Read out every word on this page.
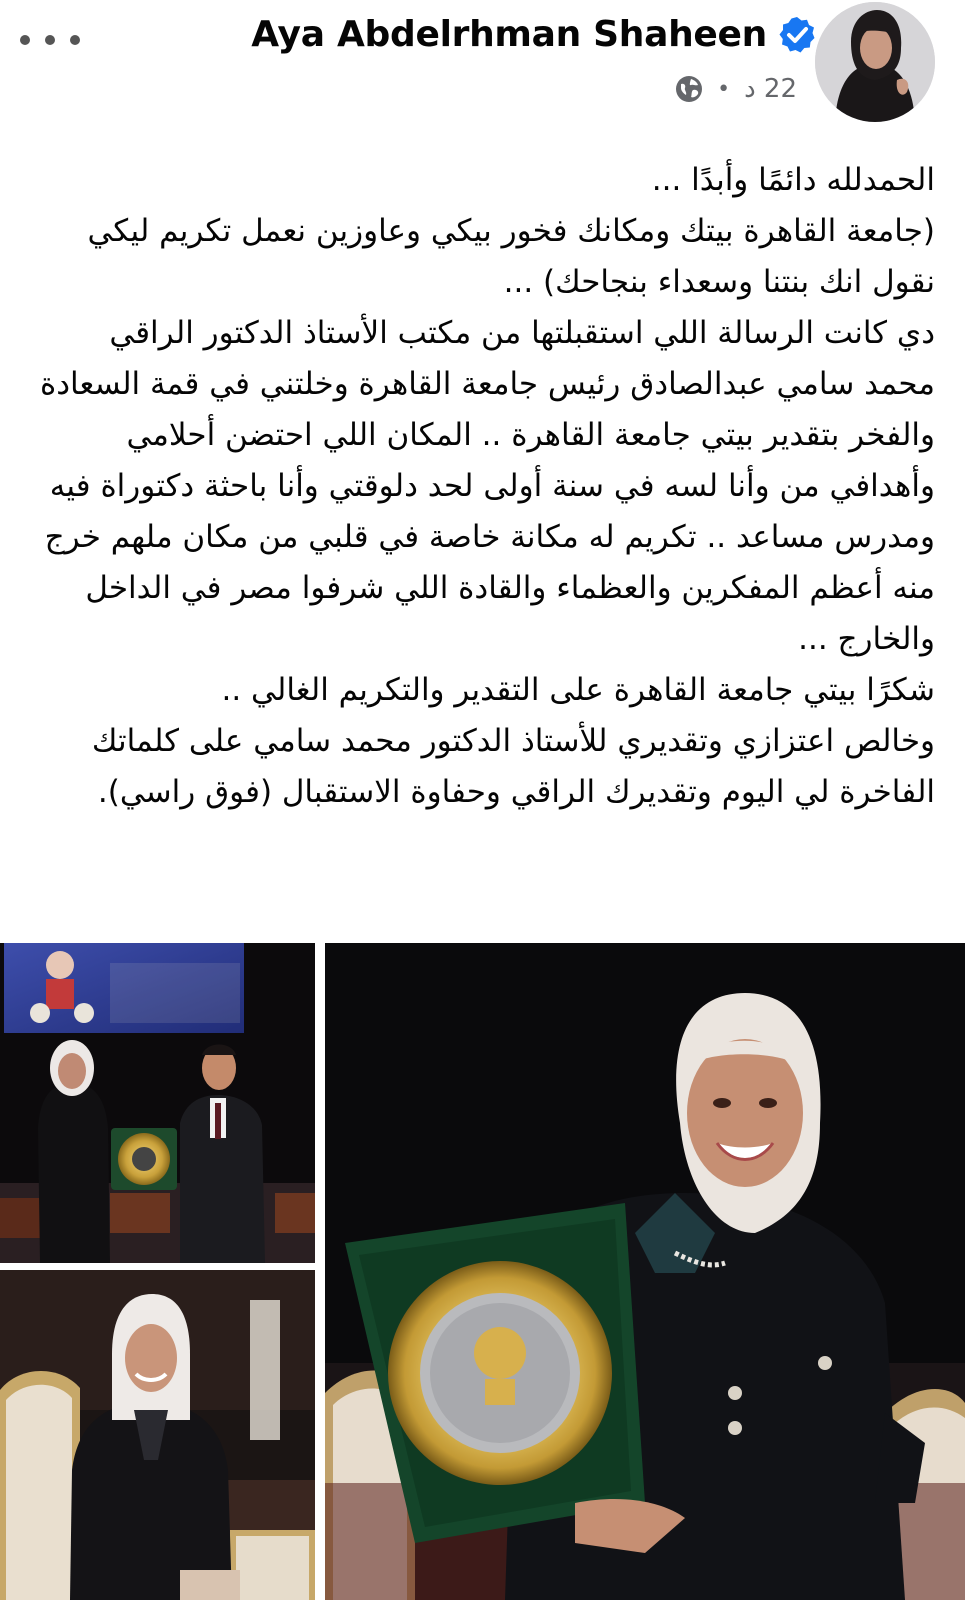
Aya Abdelrhman Shaheen
• 22 د

الحمدلله دائمًا وأبدًا ...

(جامعة القاهرة بيتك ومكانك فخور بيكي وعاوزين نعمل تكريم ليكي نقول انك بنتنا وسعداء بنجاحك) ...

دي كانت الرسالة اللي استقبلتها من مكتب الأستاذ الدكتور الراقي محمد سامي عبدالصادق رئيس جامعة القاهرة وخلتني في قمة السعادة والفخر بتقدير بيتي جامعة القاهرة .. المكان اللي احتضن أحلامي وأهدافي من وأنا لسه في سنة أولى لحد دلوقتي وأنا باحثة دكتوراة فيه ومدرس مساعد .. تكريم له مكانة خاصة في قلبي من مكان ملهم خرج منه أعظم المفكرين والعظماء والقادة اللي شرفوا مصر في الداخل والخارج ...

شكرًا بيتي جامعة القاهرة على التقدير والتكريم الغالي ..

وخالص اعتزازي وتقديري للأستاذ الدكتور محمد سامي على كلماتك الفاخرة لي اليوم وتقديرك الراقي وحفاوة الاستقبال (فوق راسي).
